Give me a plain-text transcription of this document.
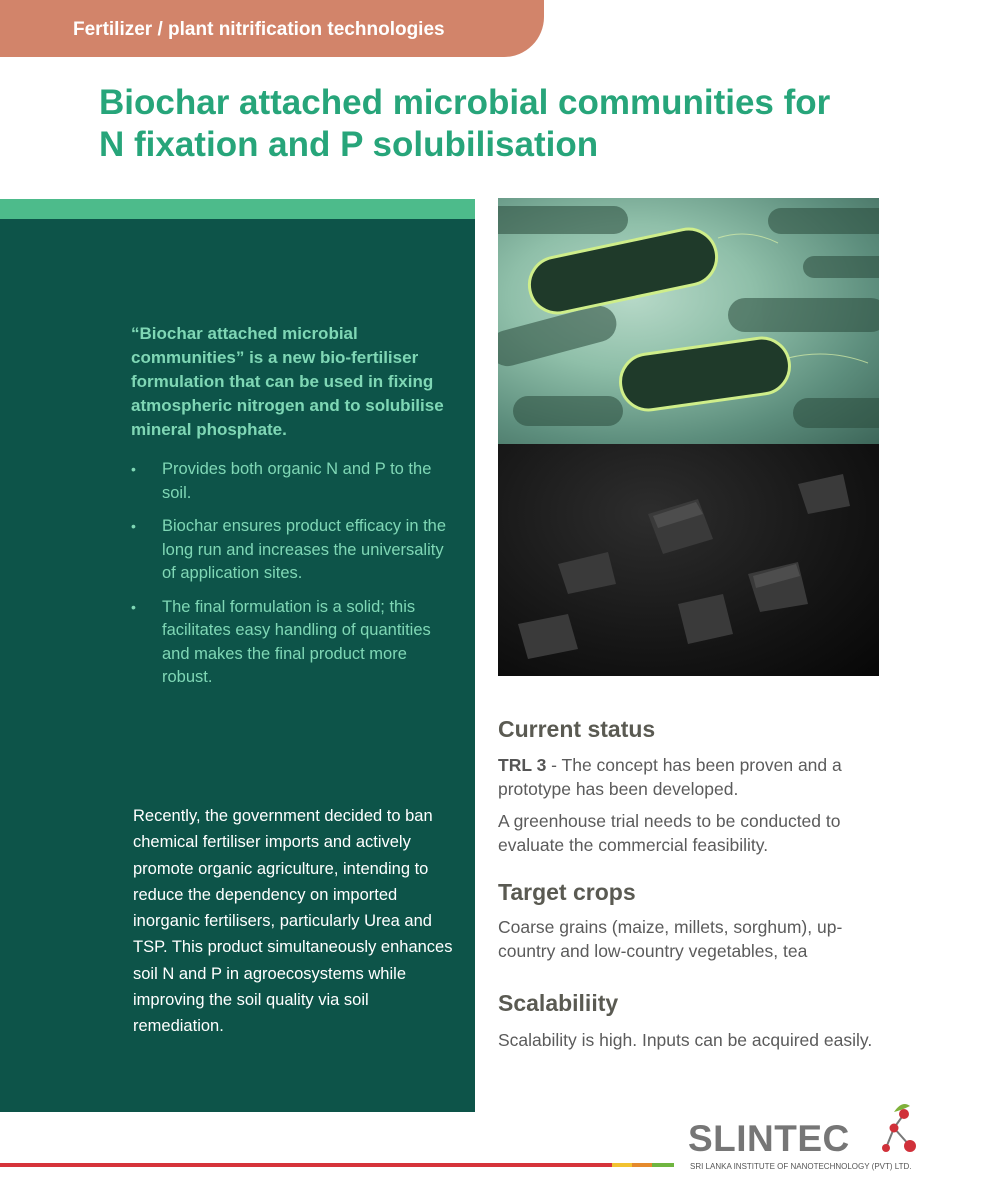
Fertilizer / plant nitrification technologies
Biochar attached microbial communities for N fixation and P solubilisation

“Biochar attached microbial communities” is a new bio-fertiliser formulation that can be used in fixing atmospheric nitrogen and to solubilise mineral phosphate.

• Provides both organic N and P to the soil.
• Biochar ensures product efficacy in the long run and increases the universality of application sites.
• The final formulation is a solid; this facilitates easy handling of quantities and makes the final product more robust.

Recently, the government decided to ban chemical fertiliser imports and actively promote organic agriculture, intending to reduce the dependency on imported inorganic fertilisers, particularly Urea and TSP. This product simultaneously enhances soil N and P in agroecosystems while improving the soil quality via soil remediation.

Current status

TRL 3 - The concept has been proven and a prototype has been developed.

A greenhouse trial needs to be conducted to evaluate the commercial feasibility.

Target crops

Coarse grains (maize, millets, sorghum), up-country and low-country vegetables, tea

Scalabiliity

Scalability is high. Inputs can be acquired easily.

SLINTEC
SRI LANKA INSTITUTE OF NANOTECHNOLOGY (PVT) LTD.
